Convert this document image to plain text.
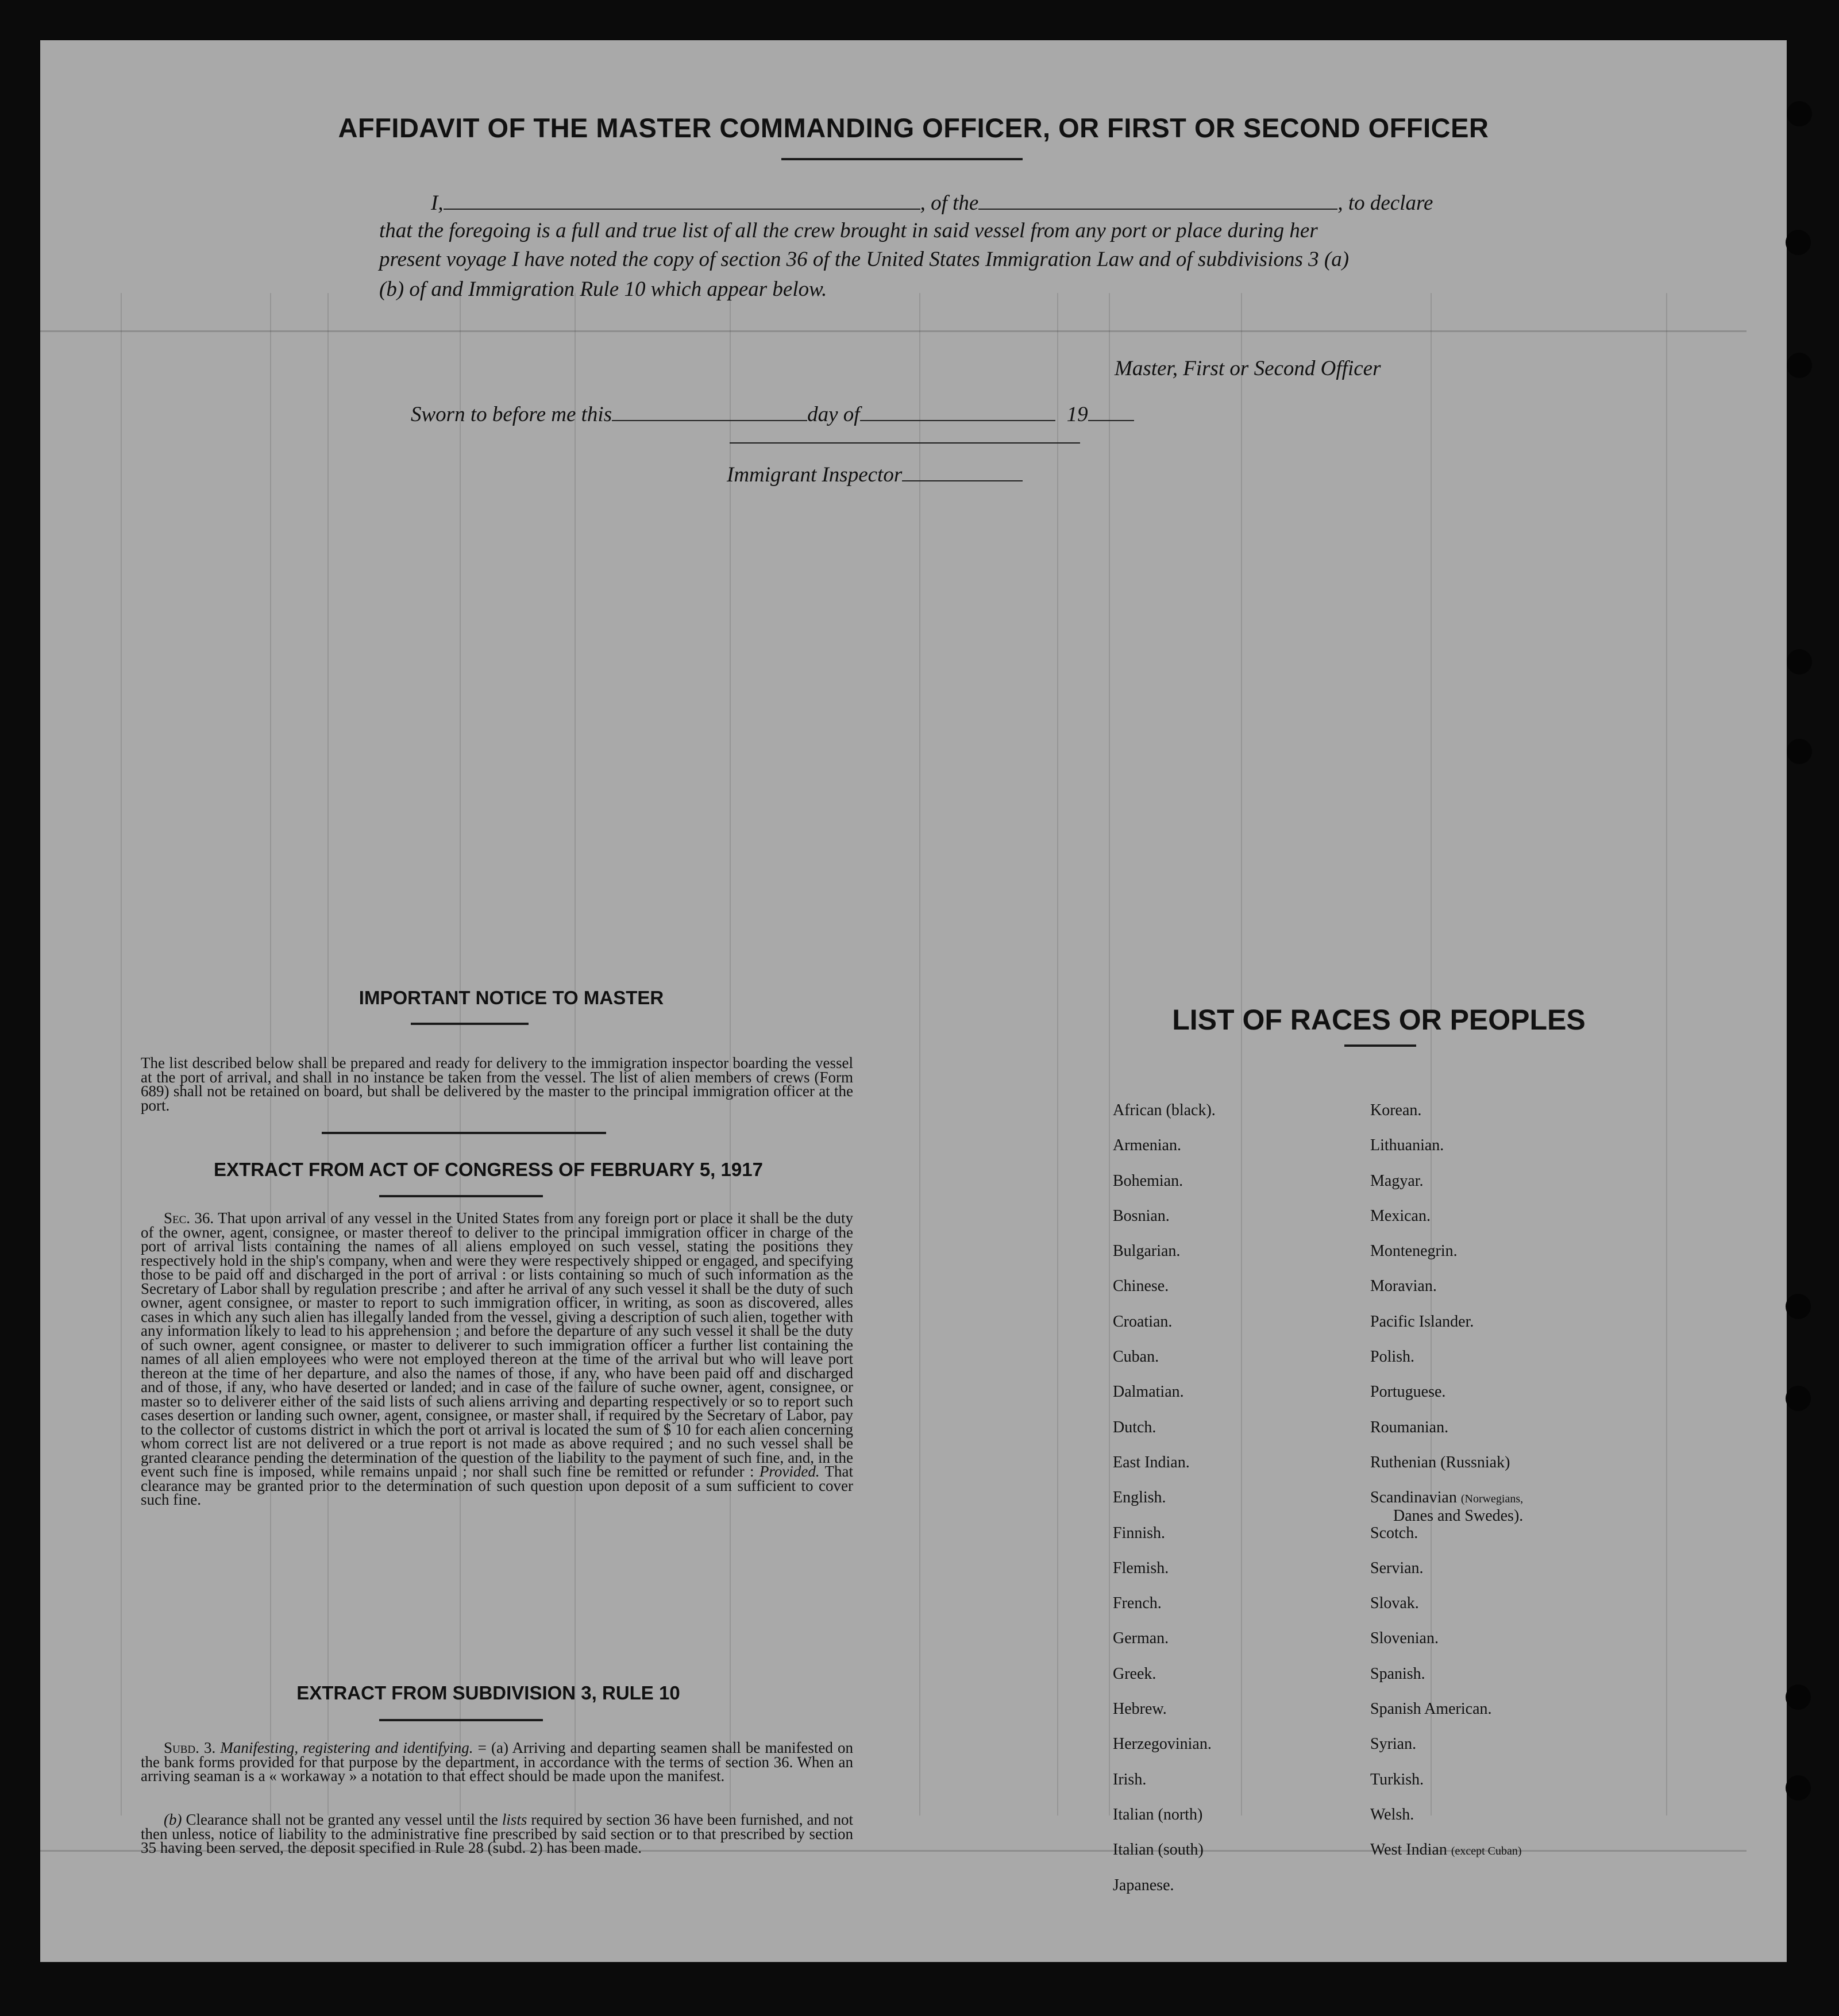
AFFIDAVIT OF THE MASTER COMMANDING OFFICER, OR FIRST OR SECOND OFFICER
I,	, of the	, to declare
that the foregoing is a full and true list of all the crew brought in said vessel from any port or place during her
present voyage I have noted the copy of section 36 of the United States Immigration Law and of subdivisions 3 (a)
(b) of and Immigration Rule 10 which appear below.
Master, First or Second Officer
Sworn to before me this	day of	19
Immigrant Inspector
IMPORTANT NOTICE TO MASTER
The list described below shall be prepared and ready for delivery to the immigration inspector boarding the vessel at the port of arrival, and shall in no instance be taken from the vessel. The list of alien members of crews (Form 689) shall not be retained on board, but shall be delivered by the master to the principal immigration officer at the port.
EXTRACT FROM ACT OF CONGRESS OF FEBRUARY 5, 1917
Sec. 36. That upon arrival of any vessel in the United States from any foreign port or place it shall be the duty of the owner, agent, consignee, or master thereof to deliver to the principal immigration officer in charge of the port of arrival lists containing the names of all aliens employed on such vessel, stating the positions they respectively hold in the ship's company, when and were they were respectively shipped or engaged, and specifying those to be paid off and discharged in the port of arrival : or lists containing so much of such information as the Secretary of Labor shall by regulation prescribe ; and after he arrival of any such vessel it shall be the duty of such owner, agent consignee, or master to report to such immigration officer, in writing, as soon as discovered, alles cases in which any such alien has illegally landed from the vessel, giving a description of such alien, together with any information likely to lead to his apprehension ; and before the departure of any such vessel it shall be the duty of such owner, agent consignee, or master to deliverer to such immigration officer a further list containing the names of all alien employees who were not employed thereon at the time of the arrival but who will leave port thereon at the time of her departure, and also the names of those, if any, who have been paid off and discharged and of those, if any, who have deserted or landed; and in case of the failure of suche owner, agent, consignee, or master so to deliverer either of the said lists of such aliens arriving and departing respectively or so to report such cases desertion or landing such owner, agent, consignee, or master shall, if required by the Secretary of Labor, pay to the collector of customs district in which the port ot arrival is located the sum of $ 10 for each alien concerning whom correct list are not delivered or a true report is not made as above required ; and no such vessel shall be granted clearance pending the determination of the question of the liability to the payment of such fine, and, in the event such fine is imposed, while remains unpaid ; nor shall such fine be remitted or refunder : Provided. That clearance may be granted prior to the determination of such question upon deposit of a sum sufficient to cover such fine.
EXTRACT FROM SUBDIVISION 3, RULE 10
Subd. 3. Manifesting, registering and identifying. = (a) Arriving and departing seamen shall be manifested on the bank forms provided for that purpose by the department, in accordance with the terms of section 36. When an arriving seaman is a « workaway » a notation to that effect should be made upon the manifest.
(b) Clearance shall not be granted any vessel until the lists required by section 36 have been furnished, and not then unless, notice of liability to the administrative fine prescribed by said section or to that prescribed by section 35 having been served, the deposit specified in Rule 28 (subd. 2) has been made.
LIST OF RACES OR PEOPLES
African (black).
Armenian.
Bohemian.
Bosnian.
Bulgarian.
Chinese.
Croatian.
Cuban.
Dalmatian.
Dutch.
East Indian.
English.
Finnish.
Flemish.
French.
German.
Greek.
Hebrew.
Herzegovinian.
Irish.
Italian (north)
Italian (south)
Japanese.
Korean.
Lithuanian.
Magyar.
Mexican.
Montenegrin.
Moravian.
Pacific Islander.
Polish.
Portuguese.
Roumanian.
Ruthenian (Russniak)
Scandinavian (Norwegians,
Danes and Swedes).
Scotch.
Servian.
Slovak.
Slovenian.
Spanish.
Spanish American.
Syrian.
Turkish.
Welsh.
West Indian (except Cuban)
